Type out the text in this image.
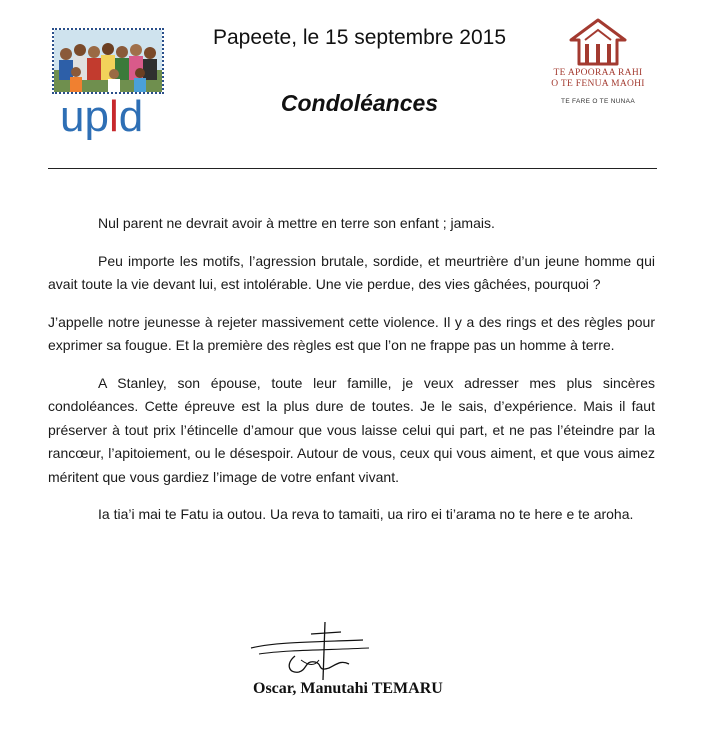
upld
Papeete, le 15 septembre 2015
Condoléances
TE APOORAA RAHI
O TE FENUA MAOHI
TE FARE O TE NUNAA

Nul parent ne devrait avoir à mettre en terre son enfant ; jamais.

Peu importe les motifs, l’agression brutale, sordide, et meurtrière d’un jeune homme qui avait toute la vie devant lui, est intolérable. Une vie perdue, des vies gâchées, pourquoi ?

J’appelle notre jeunesse à rejeter massivement cette violence. Il y a des rings et des règles pour exprimer sa fougue. Et la première des règles est que l’on ne frappe pas un homme à terre.

A Stanley, son épouse, toute leur famille, je veux adresser mes plus sincères condoléances. Cette épreuve est la plus dure de toutes. Je le sais, d’expérience. Mais il faut préserver à tout prix l’étincelle d’amour que vous laisse celui qui part, et ne pas l’éteindre par la rancœur, l’apitoiement, ou le désespoir. Autour de vous, ceux qui vous aiment, et que vous aimez méritent que vous gardiez l’image de votre enfant vivant.

Ia tia’i mai te Fatu ia outou. Ua reva to tamaiti, ua riro ei ti’arama no te here e te aroha.

Oscar, Manutahi TEMARU
